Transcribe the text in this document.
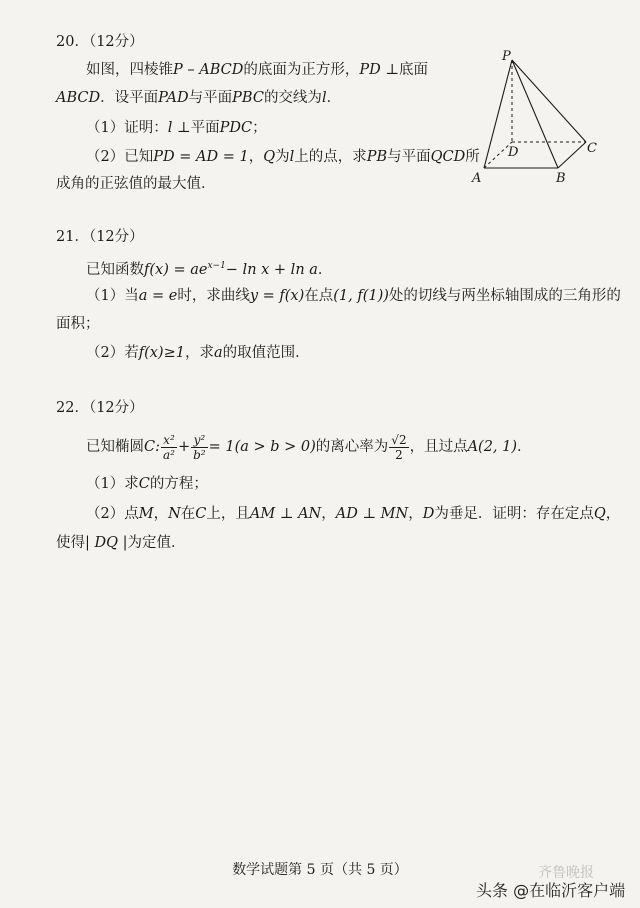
20．（12分）
如图，四棱锥P – ABCD的底面为正方形，PD ⊥底面
ABCD．设平面PAD与平面PBC的交线为l．
（1）证明：l ⊥平面PDC；
（2）已知PD = AD = 1，Q为l上的点，求PB与平面QCD所
成角的正弦值的最大值．
P
A	B
C
D
21．（12分）
已知函数$f(x) = ae^{x-1}- \ln x + \ln a$．
（1）当a = e时，求曲线y = f(x)在点(1, f(1))处的切线与两坐标轴围成的三角形的
面积；
（2）若f(x)≥1，求a的取值范围．
22．（12分）
已知椭圆C: $\frac{\text{x²}}{\text{a²}} + \frac{\text{y²}}{\text{b²}} = 1(a > b > 0)$的离心率为 $\frac{√2}{2}$ ，且过点A(2, 1)．
（1）求C的方程；
（2）点M，N在C上，且AM ⊥ AN，AD ⊥ MN，D为垂足．证明：存在定点Q，
使得| DQ |为定值．
数学试题第 5 页（共 5 页）	齐鲁晚报
头条 @在临沂客户端
